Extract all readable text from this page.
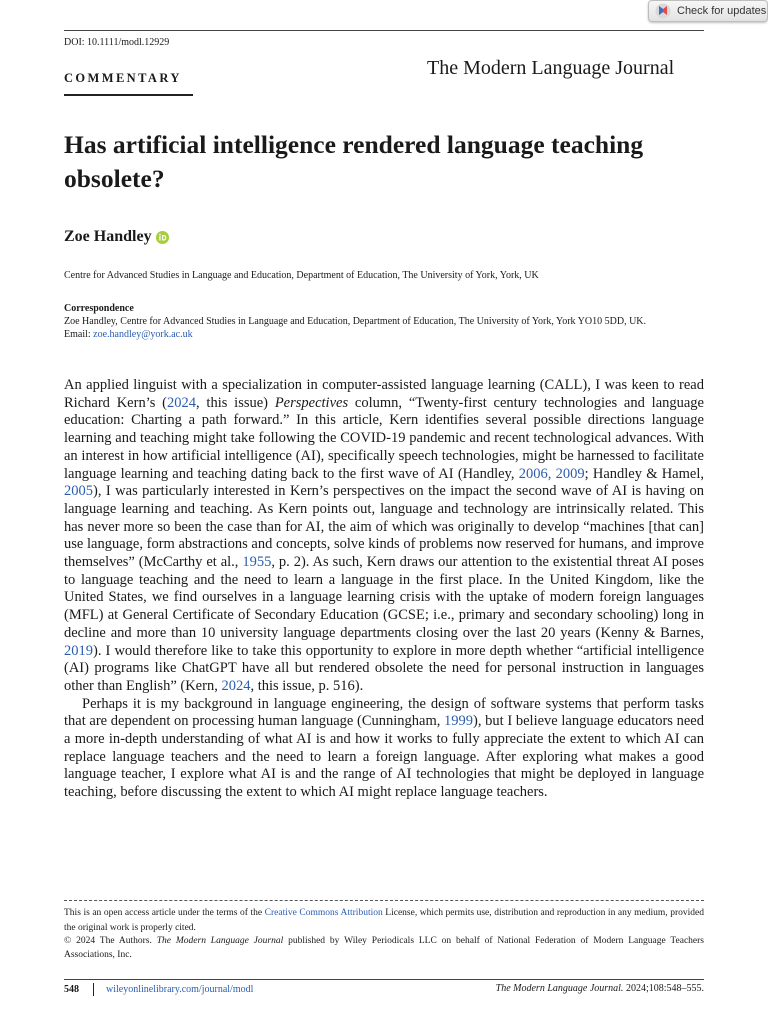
DOI: 10.1111/modl.12929
Check for updates
COMMENTARY	The Modern Language Journal
Has artificial intelligence rendered language teaching obsolete?
Zoe Handley
Centre for Advanced Studies in Language and Education, Department of Education, The University of York, York, UK
Correspondence
Zoe Handley, Centre for Advanced Studies in Language and Education, Department of Education, The University of York, York YO10 5DD, UK.
Email: zoe.handley@york.ac.uk

An applied linguist with a specialization in computer-assisted language learning (CALL), I was keen to read Richard Kern’s (2024, this issue) Perspectives column, “Twenty-first century technologies and language education: Charting a path forward.” In this article, Kern identifies several possible directions language learning and teaching might take following the COVID-19 pandemic and recent technological advances. With an interest in how artificial intelligence (AI), specifically speech technologies, might be harnessed to facilitate language learning and teaching dating back to the first wave of AI (Handley, 2006, 2009; Handley & Hamel, 2005), I was particularly interested in Kern’s perspectives on the impact the second wave of AI is having on language learning and teaching. As Kern points out, language and technology are intrinsically related. This has never more so been the case than for AI, the aim of which was originally to develop “machines [that can] use language, form abstractions and concepts, solve kinds of problems now reserved for humans, and improve themselves” (McCarthy et al., 1955, p. 2). As such, Kern draws our attention to the existential threat AI poses to language teaching and the need to learn a language in the first place. In the United Kingdom, like the United States, we find ourselves in a language learning crisis with the uptake of modern foreign languages (MFL) at General Certificate of Secondary Education (GCSE; i.e., primary and secondary schooling) long in decline and more than 10 university language departments closing over the last 20 years (Kenny & Barnes, 2019). I would therefore like to take this opportunity to explore in more depth whether “artificial intelligence (AI) programs like ChatGPT have all but rendered obsolete the need for personal instruction in languages other than English” (Kern, 2024, this issue, p. 516).

Perhaps it is my background in language engineering, the design of software systems that perform tasks that are dependent on processing human language (Cunningham, 1999), but I believe language educators need a more in-depth understanding of what AI is and how it works to fully appreciate the extent to which AI can replace language teachers and the need to learn a foreign language. After exploring what makes a good language teacher, I explore what AI is and the range of AI technologies that might be deployed in language teaching, before discussing the extent to which AI might replace language teachers.

This is an open access article under the terms of the Creative Commons Attribution License, which permits use, distribution and reproduction in any medium, provided the original work is properly cited.
© 2024 The Authors. The Modern Language Journal published by Wiley Periodicals LLC on behalf of National Federation of Modern Language Teachers Associations, Inc.
548	wileyonlinelibrary.com/journal/modl	The Modern Language Journal. 2024;108:548–555.
